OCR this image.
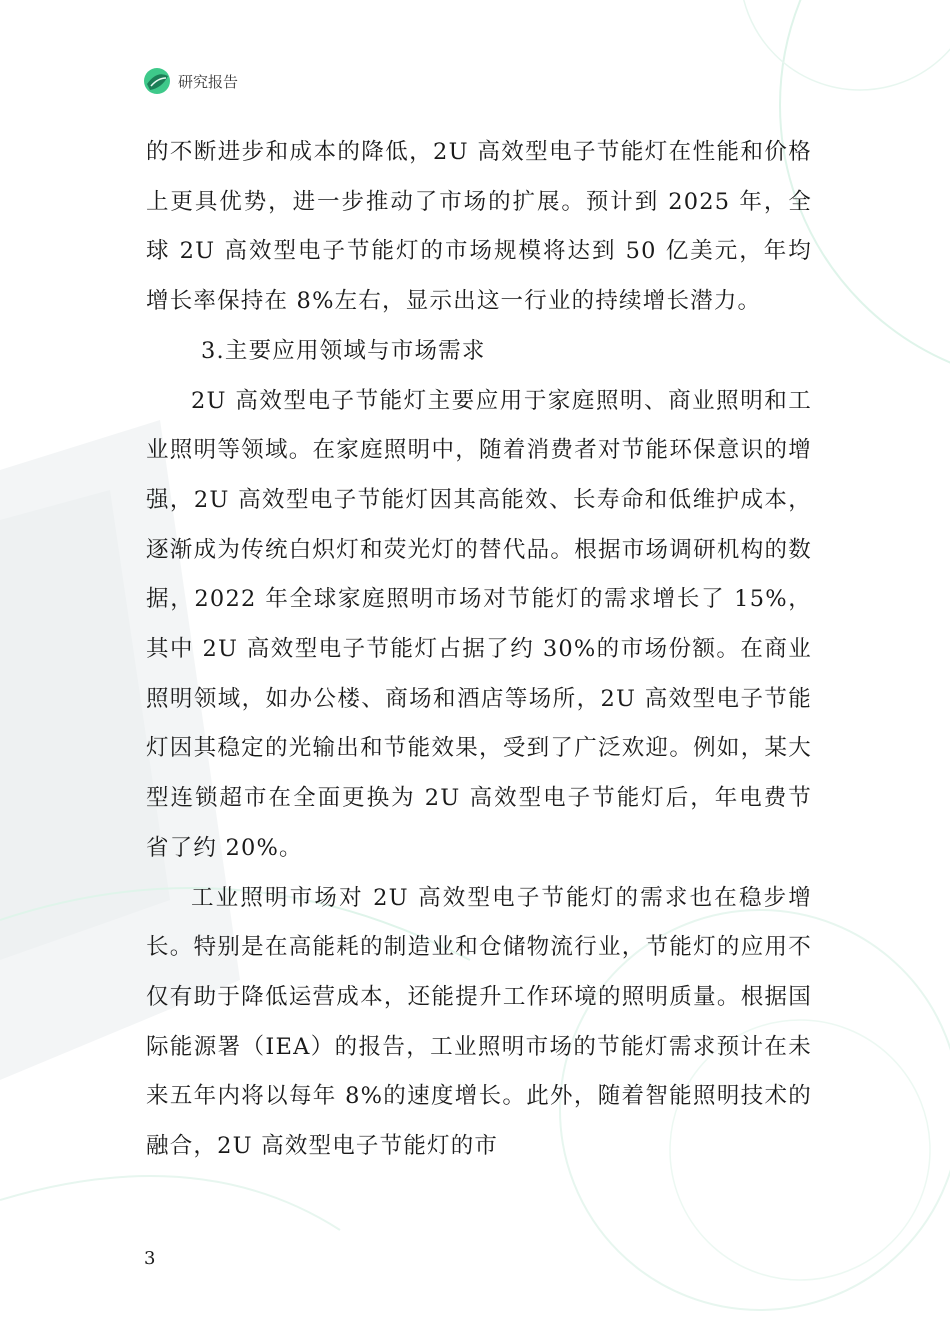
研究报告

的不断进步和成本的降低，2U 高效型电子节能灯在性能和价格上更具优势，进一步推动了市场的扩展。预计到 2025 年，全球 2U 高效型电子节能灯的市场规模将达到 50 亿美元，年均增长率保持在 8%左右，显示出这一行业的持续增长潜力。

3.主要应用领域与市场需求

2U 高效型电子节能灯主要应用于家庭照明、商业照明和工业照明等领域。在家庭照明中，随着消费者对节能环保意识的增强，2U 高效型电子节能灯因其高能效、长寿命和低维护成本，逐渐成为传统白炽灯和荧光灯的替代品。根据市场调研机构的数据，2022 年全球家庭照明市场对节能灯的需求增长了 15%，其中 2U 高效型电子节能灯占据了约 30%的市场份额。在商业照明领域，如办公楼、商场和酒店等场所，2U 高效型电子节能灯因其稳定的光输出和节能效果，受到了广泛欢迎。例如，某大型连锁超市在全面更换为 2U 高效型电子节能灯后，年电费节省了约 20%。

工业照明市场对 2U 高效型电子节能灯的需求也在稳步增长。特别是在高能耗的制造业和仓储物流行业，节能灯的应用不仅有助于降低运营成本，还能提升工作环境的照明质量。根据国际能源署（IEA）的报告，工业照明市场的节能灯需求预计在未来五年内将以每年 8%的速度增长。此外，随着智能照明技术的融合，2U 高效型电子节能灯的市

3
